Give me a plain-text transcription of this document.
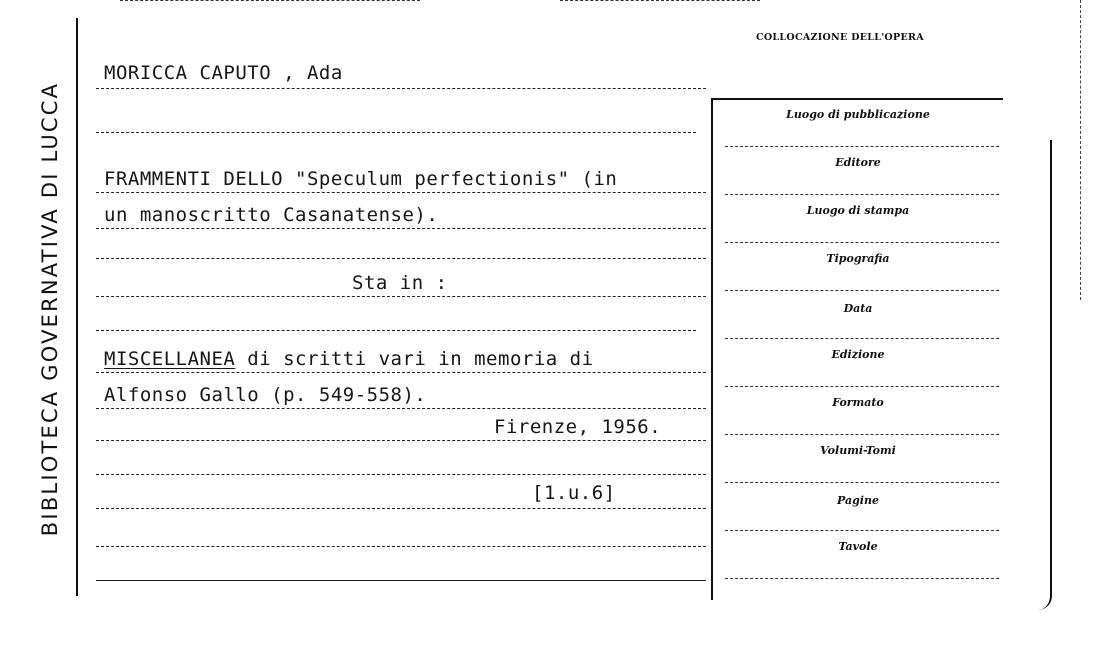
BIBLIOTECA GOVERNATIVA DI LUCCA
COLLOCAZIONE DELL'OPERA
MORICCA CAPUTO , Ada
FRAMMENTI DELLO "Speculum perfectionis" (in
un manoscritto Casanatense).
Sta in :
MISCELLANEA di scritti vari in memoria di
Alfonso Gallo (p. 549-558).
Firenze, 1956.
[1.u.6]
Luogo di pubblicazione
Editore
Luogo di stampa
Tipografia
Data
Edizione
Formato
Volumi-Tomi
Pagine
Tavole
